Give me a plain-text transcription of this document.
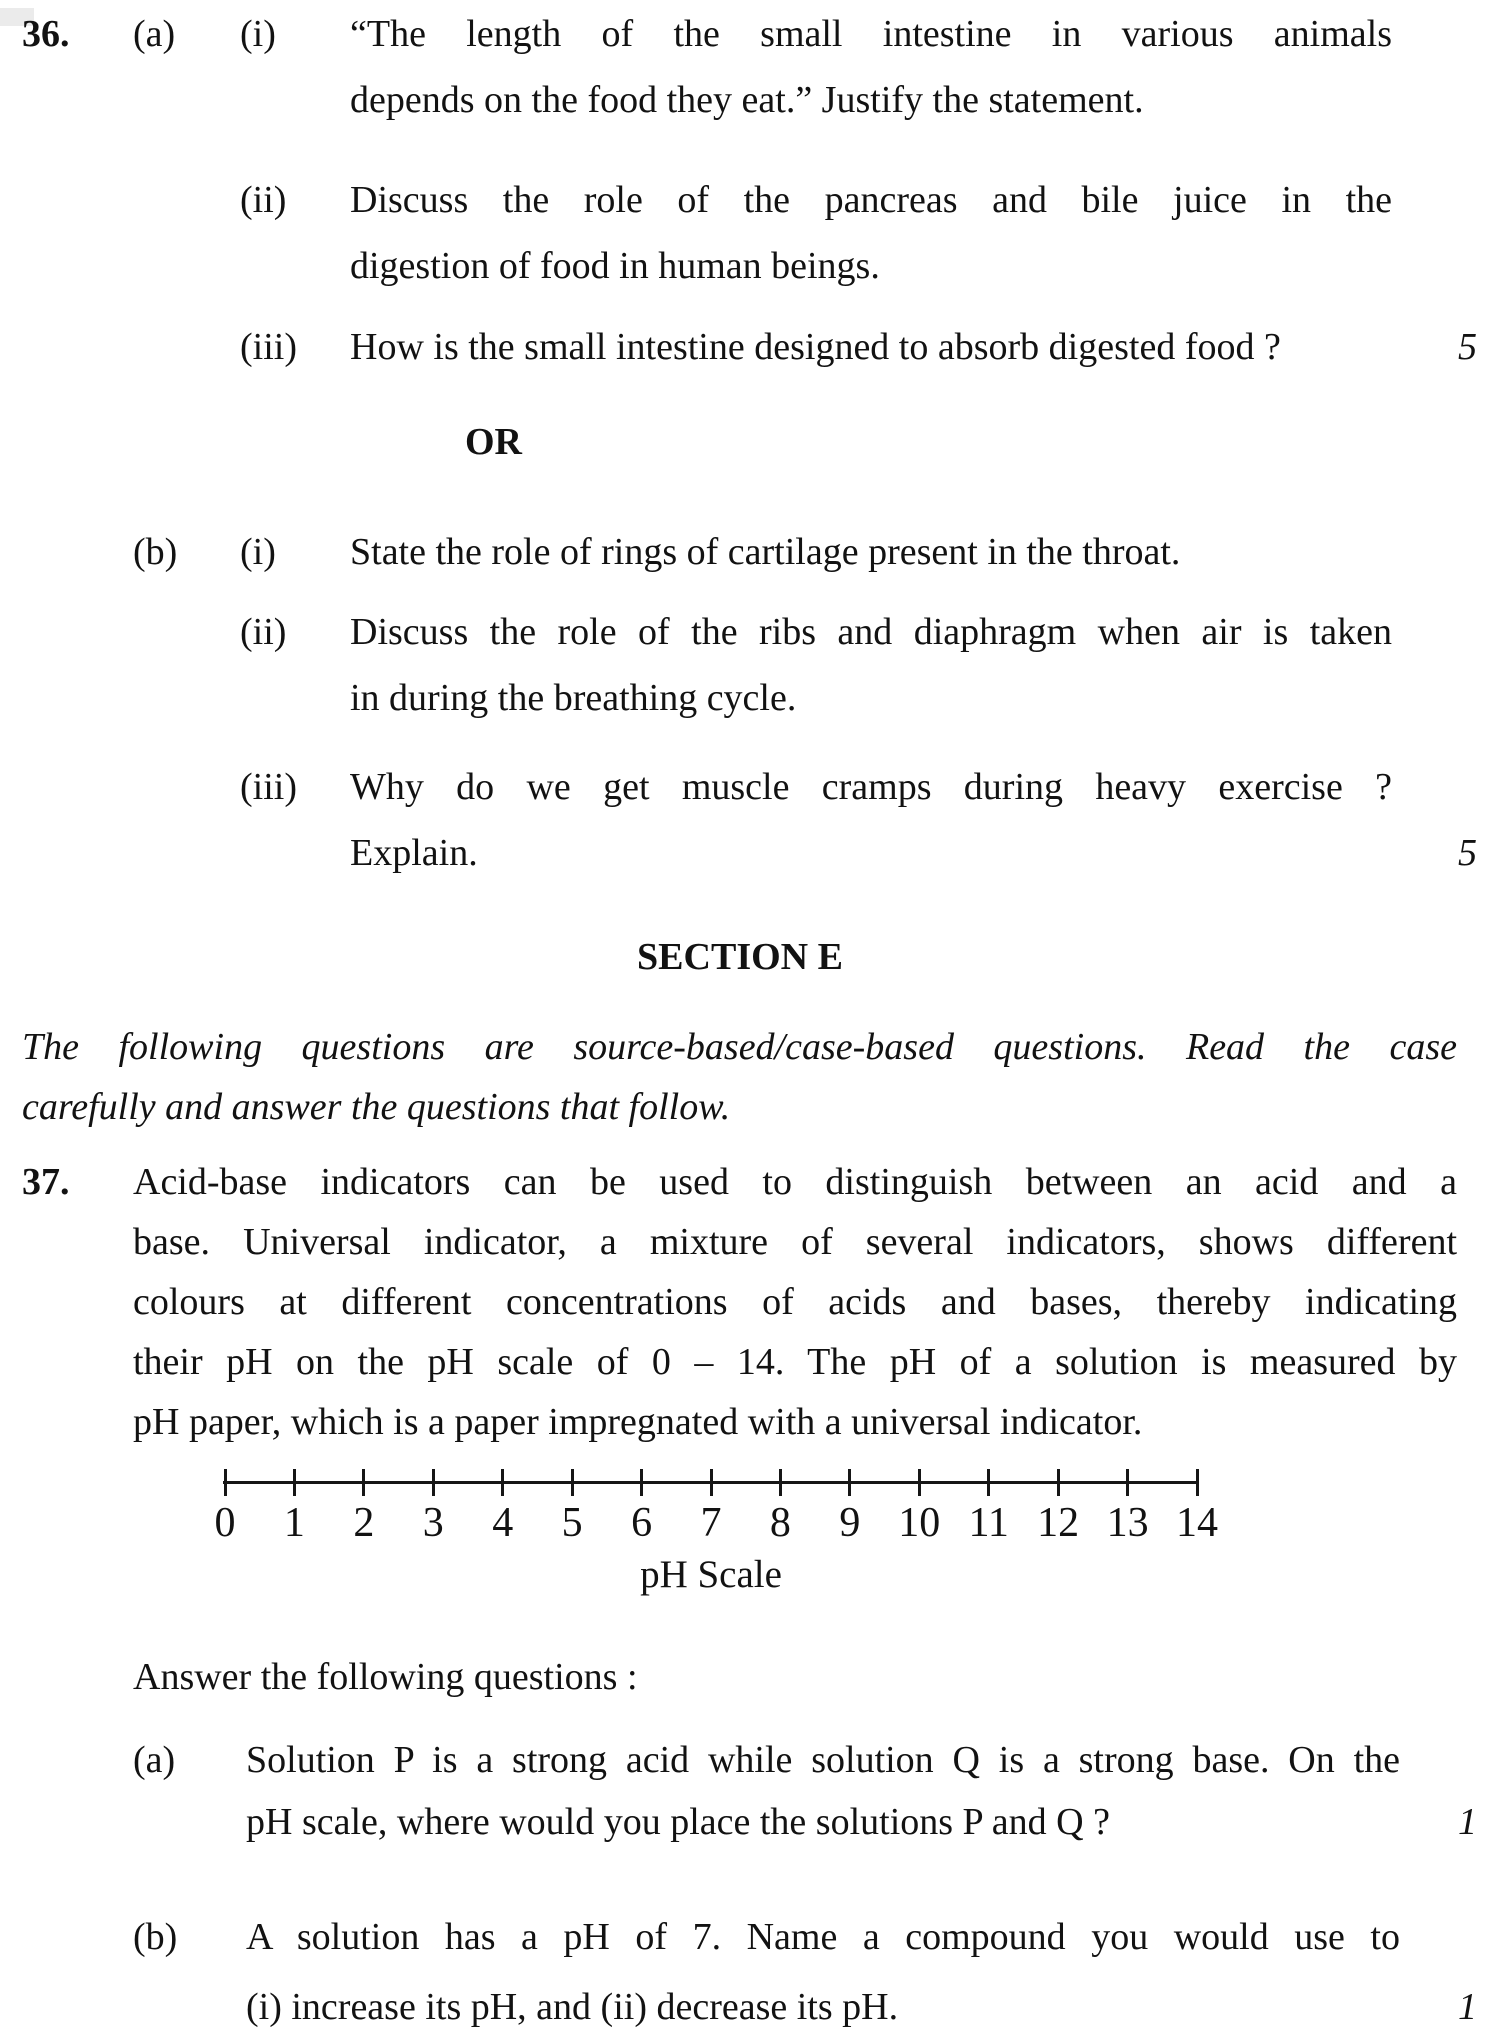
36. (a) (i) “The length of the small intestine in various animals
depends on the food they eat.” Justify the statement.
(ii) Discuss the role of the pancreas and bile juice in the
digestion of food in human beings.
(iii) How is the small intestine designed to absorb digested food ?	5
OR
(b) (i) State the role of rings of cartilage present in the throat.
(ii) Discuss the role of the ribs and diaphragm when air is taken
in during the breathing cycle.
(iii) Why do we get muscle cramps during heavy exercise ?
Explain.	5
SECTION E
The following questions are source-based/case-based questions. Read the case
carefully and answer the questions that follow.
37. Acid-base indicators can be used to distinguish between an acid and a
base. Universal indicator, a mixture of several indicators, shows different
colours at different concentrations of acids and bases, thereby indicating
their pH on the pH scale of 0 – 14. The pH of a solution is measured by
pH paper, which is a paper impregnated with a universal indicator.
pH Scale
0	1	2	3	4	5	6	7	8	9 10 11 12 13 14
Answer the following questions :
(a) Solution P is a strong acid while solution Q is a strong base. On the
pH scale, where would you place the solutions P and Q ?	1
(b) A solution has a pH of 7. Name a compound you would use to
(i) increase its pH, and (ii) decrease its pH.	1
